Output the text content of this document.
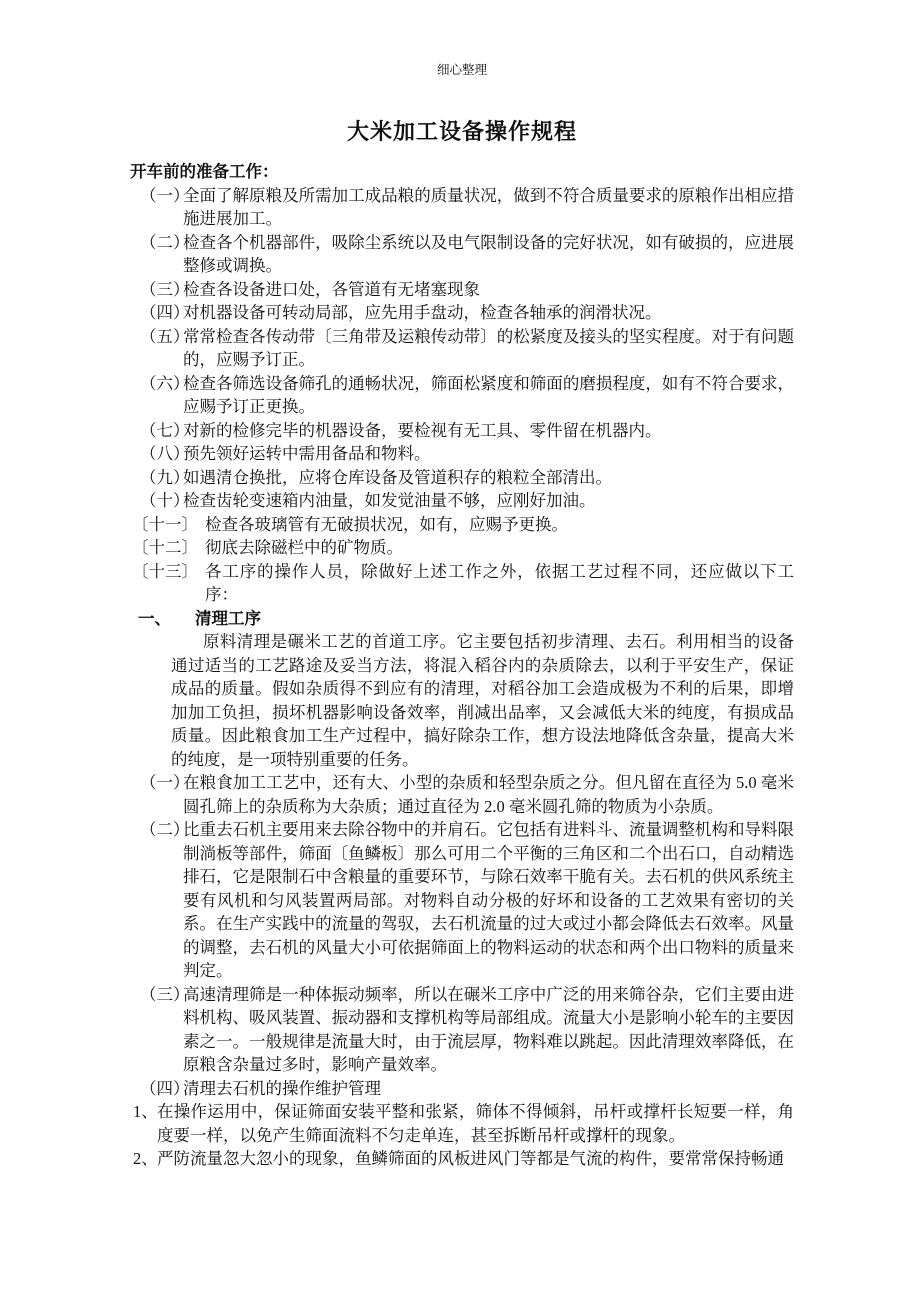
细心整理
大米加工设备操作规程
开车前的准备工作：
（一）
全面了解原粮及所需加工成品粮的质量状况，做到不符合质量要求的原粮作出相应措施进展加工。
（二）
检查各个机器部件，吸除尘系统以及电气限制设备的完好状况，如有破损的，应进展整修或调换。
（三）
检查各设备进口处，各管道有无堵塞现象
（四）
对机器设备可转动局部，应先用手盘动，检查各轴承的润滑状况。
（五）
常常检查各传动带〔三角带及运粮传动带〕的松紧度及接头的坚实程度。对于有问题的，应赐予订正。
（六）
检查各筛选设备筛孔的通畅状况，筛面松紧度和筛面的磨损程度，如有不符合要求，应赐予订正更换。
（七）
对新的检修完毕的机器设备，要检视有无工具、零件留在机器内。
（八）
预先领好运转中需用备品和物料。
（九）
如遇清仓换批，应将仓库设备及管道积存的粮粒全部清出。
（十）
检查齿轮变速箱内油量，如发觉油量不够，应刚好加油。
〔十一〕 检查各玻璃管有无破损状况，如有，应赐予更换。
〔十二〕 彻底去除磁栏中的矿物质。
〔十三〕 各工序的操作人员，除做好上述工作之外，依据工艺过程不同，还应做以下工序：
一、	清理工序
原料清理是碾米工艺的首道工序。它主要包括初步清理、去石。利用相当的设备通过适当的工艺路途及妥当方法，将混入稻谷内的杂质除去，以利于平安生产，保证成品的质量。假如杂质得不到应有的清理，对稻谷加工会造成极为不利的后果，即增加加工负担，损坏机器影响设备效率，削减出品率，又会减低大米的纯度，有损成品质量。因此粮食加工生产过程中，搞好除杂工作，想方设法地降低含杂量，提高大米的纯度，是一项特别重要的任务。
（一）
在粮食加工工艺中，还有大、小型的杂质和轻型杂质之分。但凡留在直径为 5.0 毫米圆孔筛上的杂质称为大杂质；通过直径为 2.0 毫米圆孔筛的物质为小杂质。
（二）
比重去石机主要用来去除谷物中的并肩石。它包括有进料斗、流量调整机构和导料限制淌板等部件，筛面〔鱼鳞板〕那么可用二个平衡的三角区和二个出石口，自动精选排石，它是限制石中含粮量的重要环节，与除石效率干脆有关。去石机的供风系统主要有风机和匀风装置两局部。对物料自动分极的好坏和设备的工艺效果有密切的关系。在生产实践中的流量的驾驭，去石机流量的过大或过小都会降低去石效率。风量的调整，去石机的风量大小可依据筛面上的物料运动的状态和两个出口物料的质量来判定。
（三）
高速清理筛是一种体振动频率，所以在碾米工序中广泛的用来筛谷杂，它们主要由进料机构、吸风装置、振动器和支撑机构等局部组成。流量大小是影响小轮车的主要因素之一。一般规律是流量大时，由于流层厚，物料难以跳起。因此清理效率降低，在原粮含杂量过多时，影响产量效率。
（四）
清理去石机的操作维护管理
1、 在操作运用中，保证筛面安装平整和张紧，筛体不得倾斜，吊杆或撑杆长短要一样，角度要一样，以免产生筛面流料不匀走单连，甚至拆断吊杆或撑杆的现象。
2、 严防流量忽大忽小的现象，鱼鳞筛面的风板进风门等都是气流的构件，要常常保持畅通
